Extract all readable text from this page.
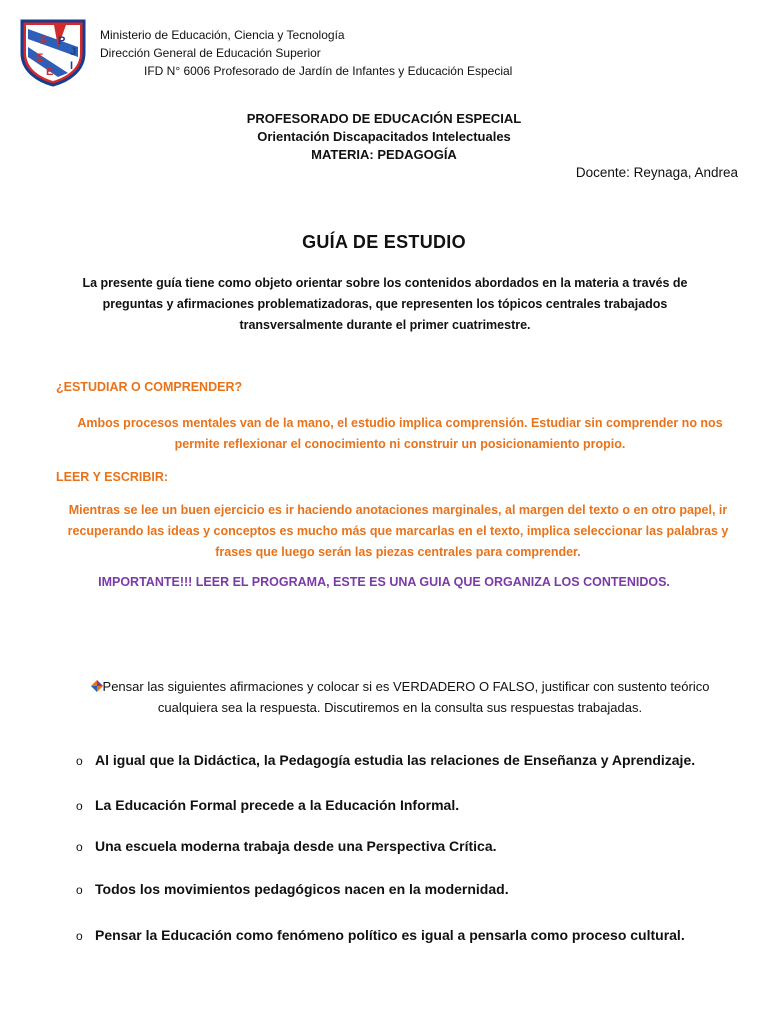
E P
J
I
E
E
Ministerio de Educación, Ciencia y Tecnología
Dirección General de Educación Superior
IFD N° 6006 Profesorado de Jardín de Infantes y Educación Especial
PROFESORADO DE EDUCACIÓN ESPECIAL
Orientación Discapacitados Intelectuales
MATERIA: PEDAGOGÍA
Docente: Reynaga, Andrea
GUÍA DE ESTUDIO
La presente guía tiene como objeto orientar sobre los contenidos abordados en la materia a través de preguntas y afirmaciones problematizadoras, que representen los tópicos centrales trabajados transversalmente durante el primer cuatrimestre.
¿ESTUDIAR O COMPRENDER?
Ambos procesos mentales van de la mano, el estudio implica comprensión. Estudiar sin comprender no nos permite reflexionar el conocimiento ni construir un posicionamiento propio.
LEER Y ESCRIBIR:
Mientras se lee un buen ejercicio es ir haciendo anotaciones marginales, al margen del texto o en otro papel, ir recuperando las ideas y conceptos es mucho más que marcarlas en el texto, implica seleccionar las palabras y frases que luego serán las piezas centrales para comprender.
IMPORTANTE!!! LEER EL PROGRAMA, ESTE ES UNA GUIA QUE ORGANIZA LOS CONTENIDOS.
Pensar las siguientes afirmaciones y colocar si es VERDADERO O FALSO, justificar con sustento teórico cualquiera sea la respuesta. Discutiremos en la consulta sus respuestas trabajadas.
o Al igual que la Didáctica, la Pedagogía estudia las relaciones de Enseñanza y Aprendizaje.
o La Educación Formal precede a la Educación Informal.
o Una escuela moderna trabaja desde una Perspectiva Crítica.
o Todos los movimientos pedagógicos nacen en la modernidad.
o Pensar la Educación como fenómeno político es igual a pensarla como proceso cultural.
